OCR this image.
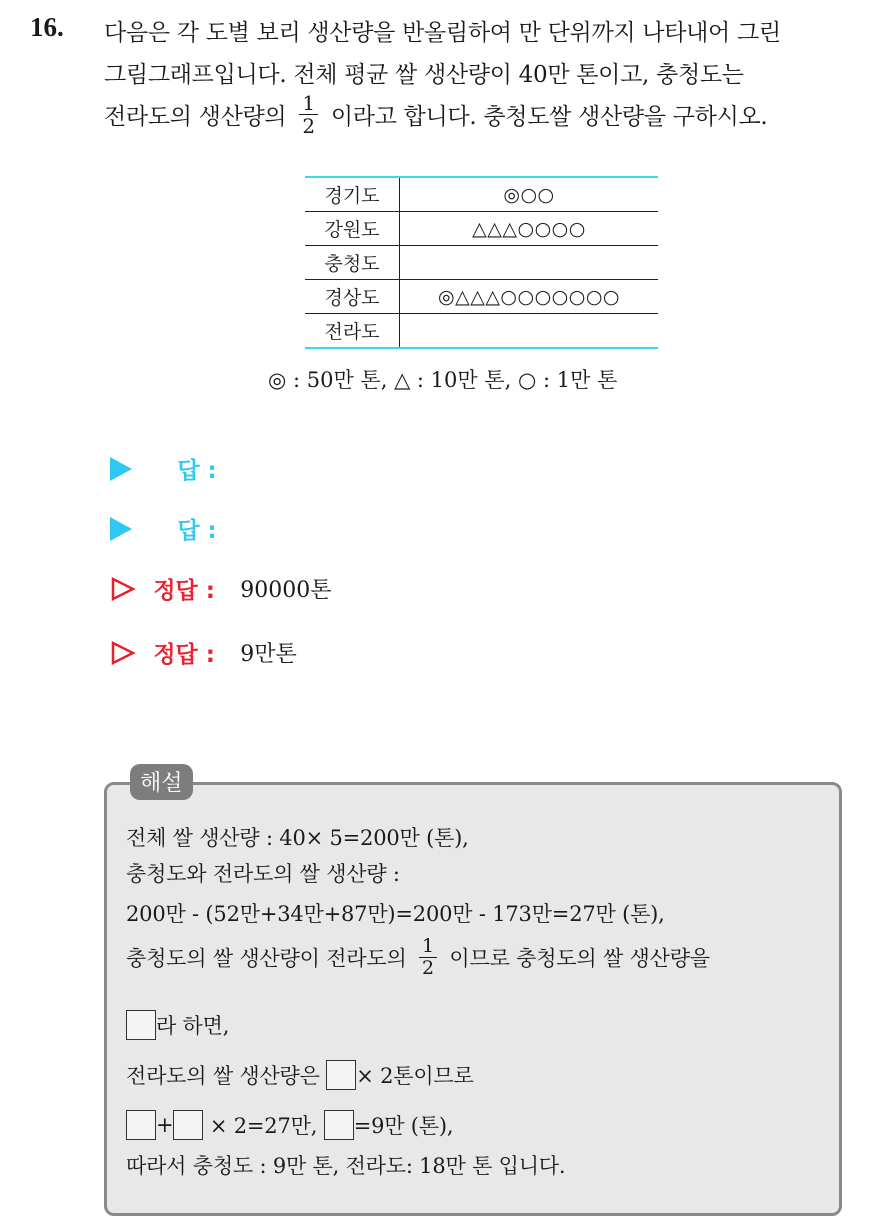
16. 다음은 각 도별 보리 생산량을 반올림하여 만 단위까지 나타내어 그린
그림그래프입니다. 전체 평균 쌀 생산량이 40만 톤이고, 충청도는
전라도의 생산량의 $\frac{1}{2}$ 이라고 합니다. 충청도쌀 생산량을 구하시오.
경기도	◎○○
강원도	△△△○○○○
충청도	
경상도	◎△△△○○○○○○○
전라도	
◎ : 50만 톤, △ : 10만 톤, ○ : 1만 톤
답 :
답 :
정답 : 90000톤
정답 : 9만톤
해설
전체 쌀 생산량 : 40× 5=200만 (톤),
충청도와 전라도의 쌀 생산량 :
200만 - (52만+34만+87만)=200만 - 173만=27만 (톤),
충청도의 쌀 생산량이 전라도의 $\frac{1}{2}$ 이므로 충청도의 쌀 생산량을
라 하면,
전라도의 쌀 생산량은 × 2톤이므로
+ × 2=27만, =9만 (톤),
따라서 충청도 : 9만 톤, 전라도: 18만 톤 입니다.
